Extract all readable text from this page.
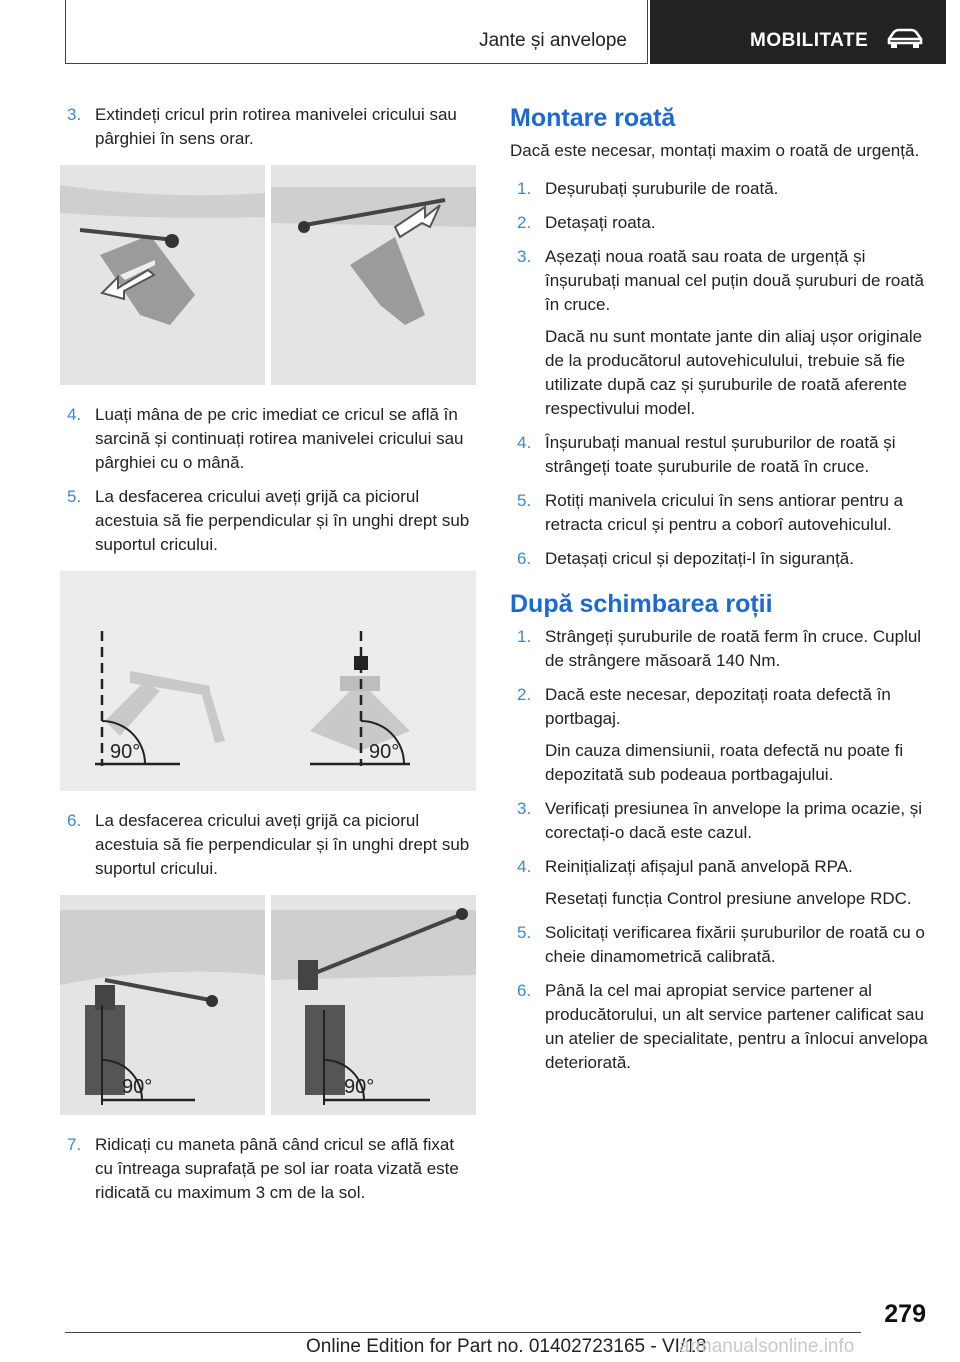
Jante și anvelope	MOBILITATE
3. Extindeți cricul prin rotirea manivelei cricului sau pârghiei în sens orar.
4. Luați mâna de pe cric imediat ce cricul se află în sarcină și continuați rotirea manivelei cricului sau pârghiei cu o mână.
5. La desfacerea cricului aveți grijă ca piciorul acestuia să fie perpendicular și în unghi drept sub suportul cricului.
90°	90°
6. La desfacerea cricului aveți grijă ca piciorul acestuia să fie perpendicular și în unghi drept sub suportul cricului.
90°	90°
7. Ridicați cu maneta până când cricul se află fixat cu întreaga suprafață pe sol iar roata vizată este ridicată cu maximum 3 cm de la sol.
Montare roată
Dacă este necesar, montați maxim o roată de urgență.
1. Deșurubați șuruburile de roată.
2. Detașați roata.
3. Așezați noua roată sau roata de urgență și înșurubați manual cel puțin două șuruburi de roată în cruce.
Dacă nu sunt montate jante din aliaj ușor originale de la producătorul autovehiculului, trebuie să fie utilizate după caz și șuruburile de roată aferente respectivului model.
4. Înșurubați manual restul șuruburilor de roată și strângeți toate șuruburile de roată în cruce.
5. Rotiți manivela cricului în sens antiorar pentru a retracta cricul și pentru a coborî autovehiculul.
6. Detașați cricul și depozitați-l în siguranță.
După schimbarea roții
1. Strângeți șuruburile de roată ferm în cruce. Cuplul de strângere măsoară 140 Nm.
2. Dacă este necesar, depozitați roata defectă în portbagaj.
Din cauza dimensiunii, roata defectă nu poate fi depozitată sub podeaua portbagajului.
3. Verificați presiunea în anvelope la prima ocazie, și corectați-o dacă este cazul.
4. Reinițializați afișajul pană anvelopă RPA.
Resetați funcția Control presiune anvelope RDC.
5. Solicitați verificarea fixării șuruburilor de roată cu o cheie dinamometrică calibrată.
6. Până la cel mai apropiat service partener al producătorului, un alt service partener calificat sau un atelier de specialitate, pentru a înlocui anvelopa deteriorată.
279
Online Edition for Part no. 01402723165 - VI/18
armanualsonline.info
